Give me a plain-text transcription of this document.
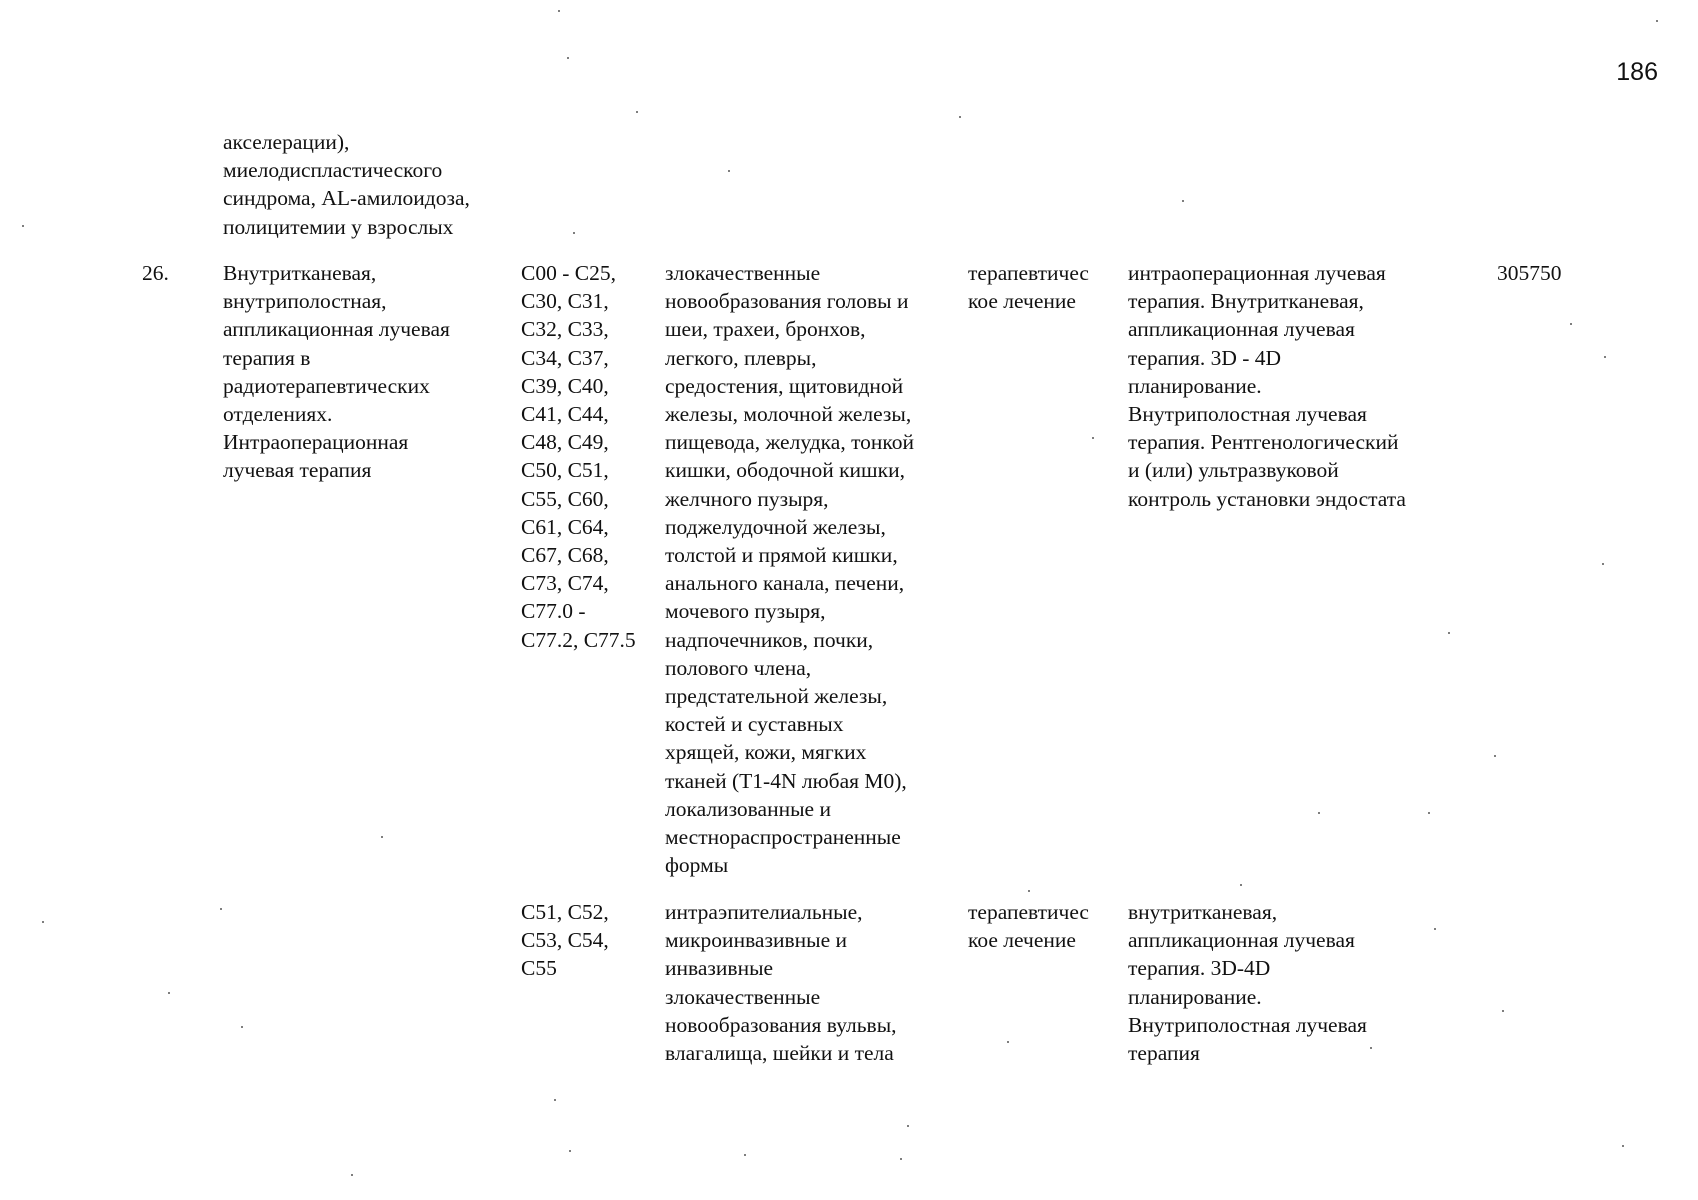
186
акселерации),
миелодиспластического
синдрома, AL-амилоидоза,
полицитемии у взрослых
26.	Внутритканевая,
внутриполостная,
аппликационная лучевая
терапия в
радиотерапевтических
отделениях.
Интраоперационная
лучевая терапия
C00 - C25,
C30, C31,
C32, C33,
C34, C37,
C39, C40,
C41, C44,
C48, C49,
C50, C51,
C55, C60,
C61, C64,
C67, C68,
C73, C74,
C77.0 -
C77.2, C77.5
злокачественные
новообразования головы и
шеи, трахеи, бронхов,
легкого, плевры,
средостения, щитовидной
железы, молочной железы,
пищевода, желудка, тонкой
кишки, ободочной кишки,
желчного пузыря,
поджелудочной железы,
толстой и прямой кишки,
анального канала, печени,
мочевого пузыря,
надпочечников, почки,
полового члена,
предстательной железы,
костей и суставных
хрящей, кожи, мягких
тканей (T1-4N любая M0),
локализованные и
местнораспространенные
формы
терапевтичес
кое лечение
интраоперационная лучевая
терапия. Внутритканевая,
аппликационная лучевая
терапия. 3D - 4D
планирование.
Внутриполостная лучевая
терапия. Рентгенологический
и (или) ультразвуковой
контроль установки эндостата
305750
C51, C52,
C53, C54,
C55
интраэпителиальные,
микроинвазивные и
инвазивные
злокачественные
новообразования вульвы,
влагалища, шейки и тела
терапевтичес
кое лечение
внутритканевая,
аппликационная лучевая
терапия. 3D-4D
планирование.
Внутриполостная лучевая
терапия
